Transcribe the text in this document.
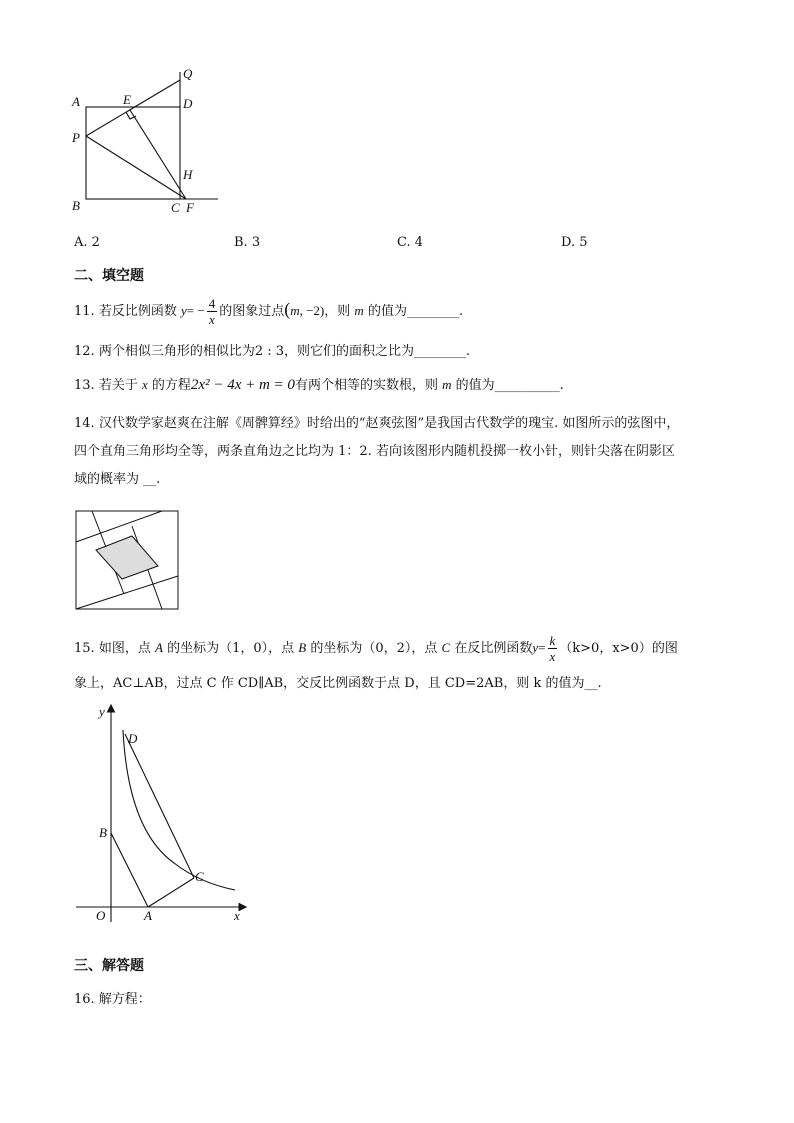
Q
A	E	D
P
H
B	C F
A. 2	B. 3	C. 4	D. 5
二、填空题
11. 若反比例函数 $y= - \frac{4}{x}$ 的图象过点(m, −2)，则 m 的值为________.
12. 两个相似三角形的相似比为2 : 3，则它们的面积之比为________.
13. 若关于 x 的方程2x² − 4x + m = 0有两个相等的实数根，则 m 的值为__________.
14. 汉代数学家赵爽在注解《周髀算经》时给出的“赵爽弦图”是我国古代数学的瑰宝. 如图所示的弦图中，
四个直角三角形均全等，两条直角边之比均为 1：2. 若向该图形内随机投掷一枚小针，则针尖落在阴影区
域的概率为 __.
15. 如图，点 A 的坐标为（1，0），点 B 的坐标为（0，2），点 C 在反比例函数$y= \frac{k}{x} (k>0$，x>0）的图
象上，AC⊥AB，过点 C 作 CD∥AB，交反比例函数于点 D，且 CD=2AB，则 k 的值为__.
y
x
O	A
B
C
D
三、解答题
16. 解方程：
